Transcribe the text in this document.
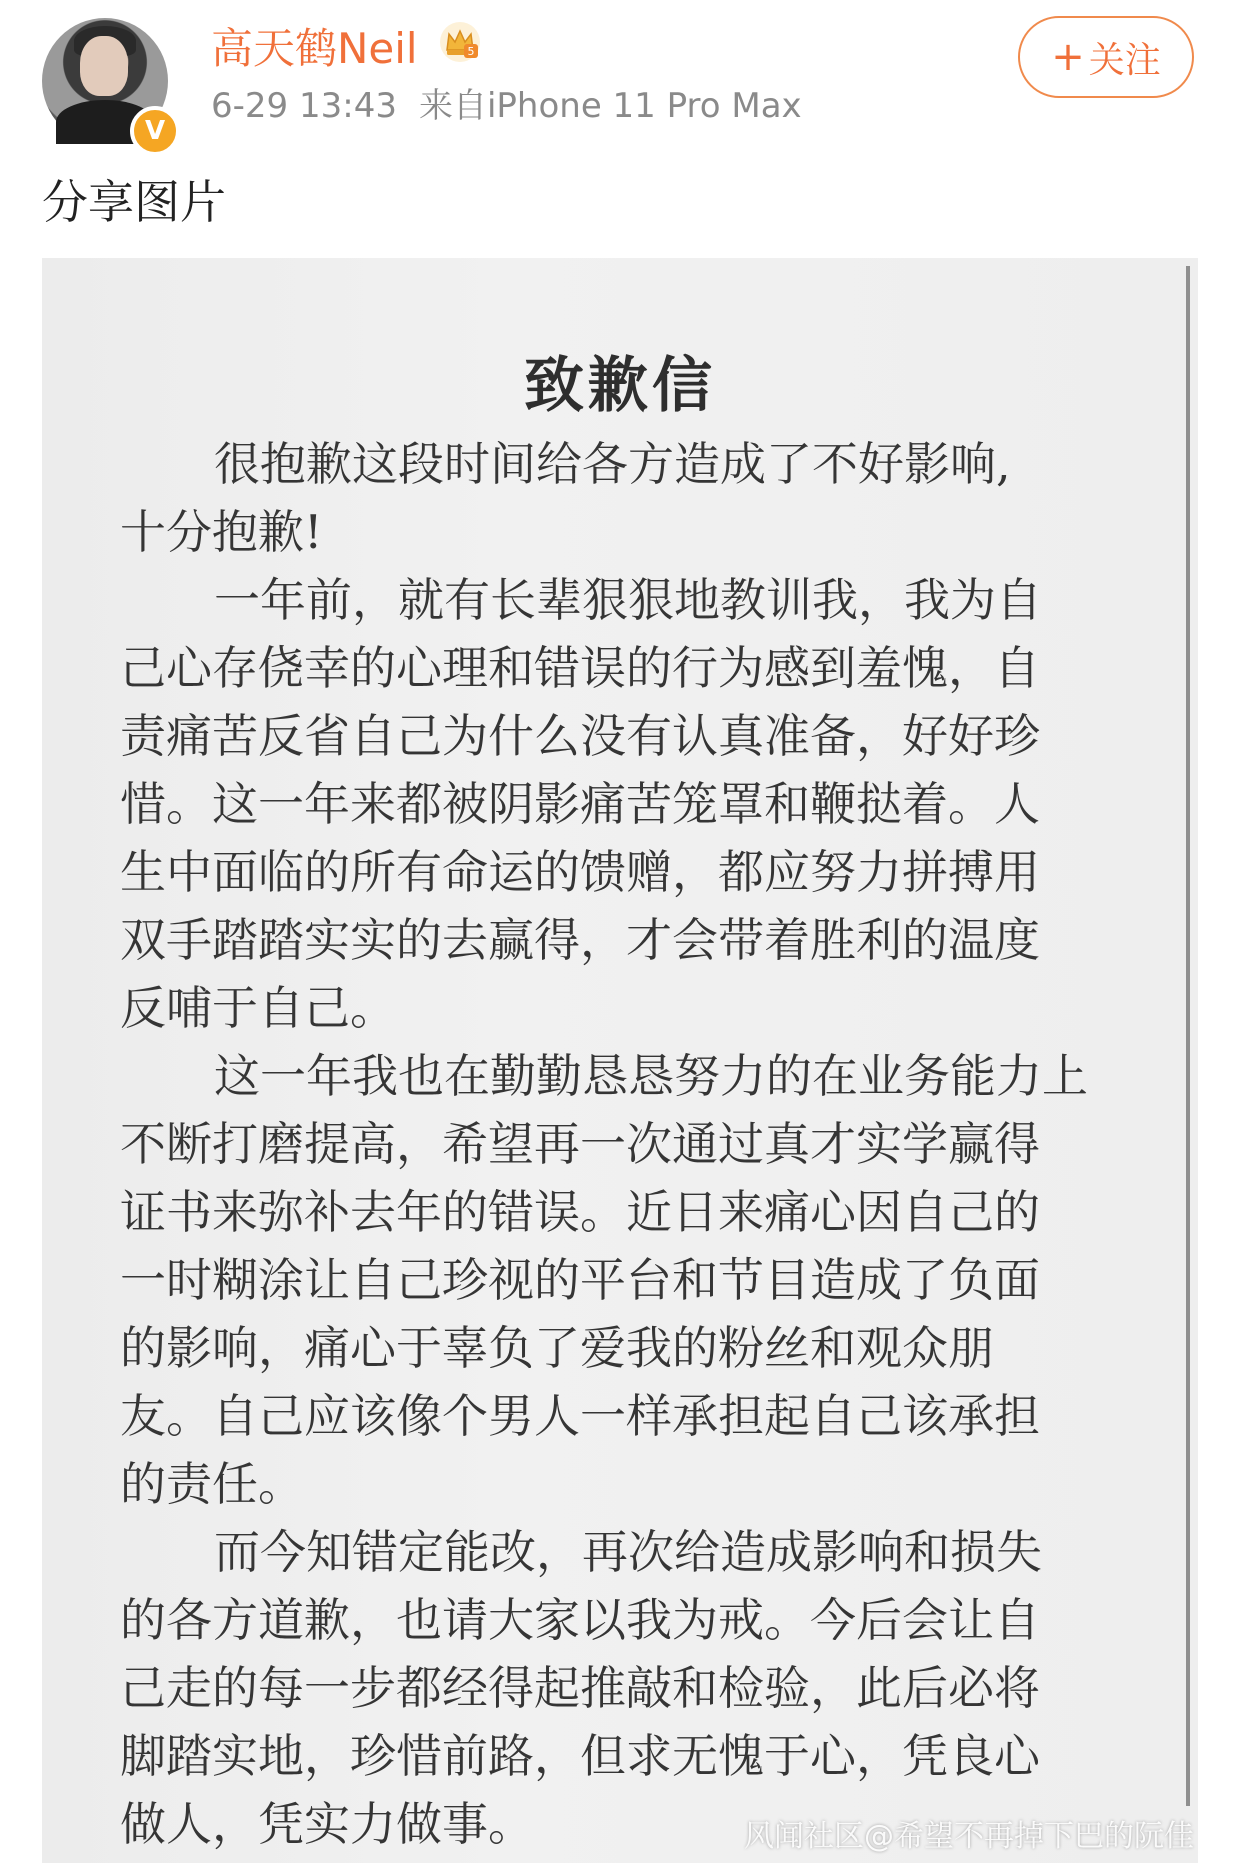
V
高天鹤Neil	5
6-29 13:43 来自iPhone 11 Pro Max
+ 关注
分享图片
致歉信
很抱歉这段时间给各方造成了不好影响,
十分抱歉!
一年前，就有长辈狠狠地教训我，我为自
己心存侥幸的心理和错误的行为感到羞愧，自
责痛苦反省自己为什么没有认真准备，好好珍
惜。这一年来都被阴影痛苦笼罩和鞭挞着。人
生中面临的所有命运的馈赠，都应努力拼搏用
双手踏踏实实的去赢得，才会带着胜利的温度
反哺于自己。
这一年我也在勤勤恳恳努力的在业务能力上
不断打磨提高，希望再一次通过真才实学赢得
证书来弥补去年的错误。近日来痛心因自己的
一时糊涂让自己珍视的平台和节目造成了负面
的影响，痛心于辜负了爱我的粉丝和观众朋
友。自己应该像个男人一样承担起自己该承担
的责任。
而今知错定能改，再次给造成影响和损失
的各方道歉，也请大家以我为戒。今后会让自
己走的每一步都经得起推敲和检验，此后必将
脚踏实地，珍惜前路，但求无愧于心，凭良心
做人，凭实力做事。	风闻社区@希望不再掉下巴的阮佳
